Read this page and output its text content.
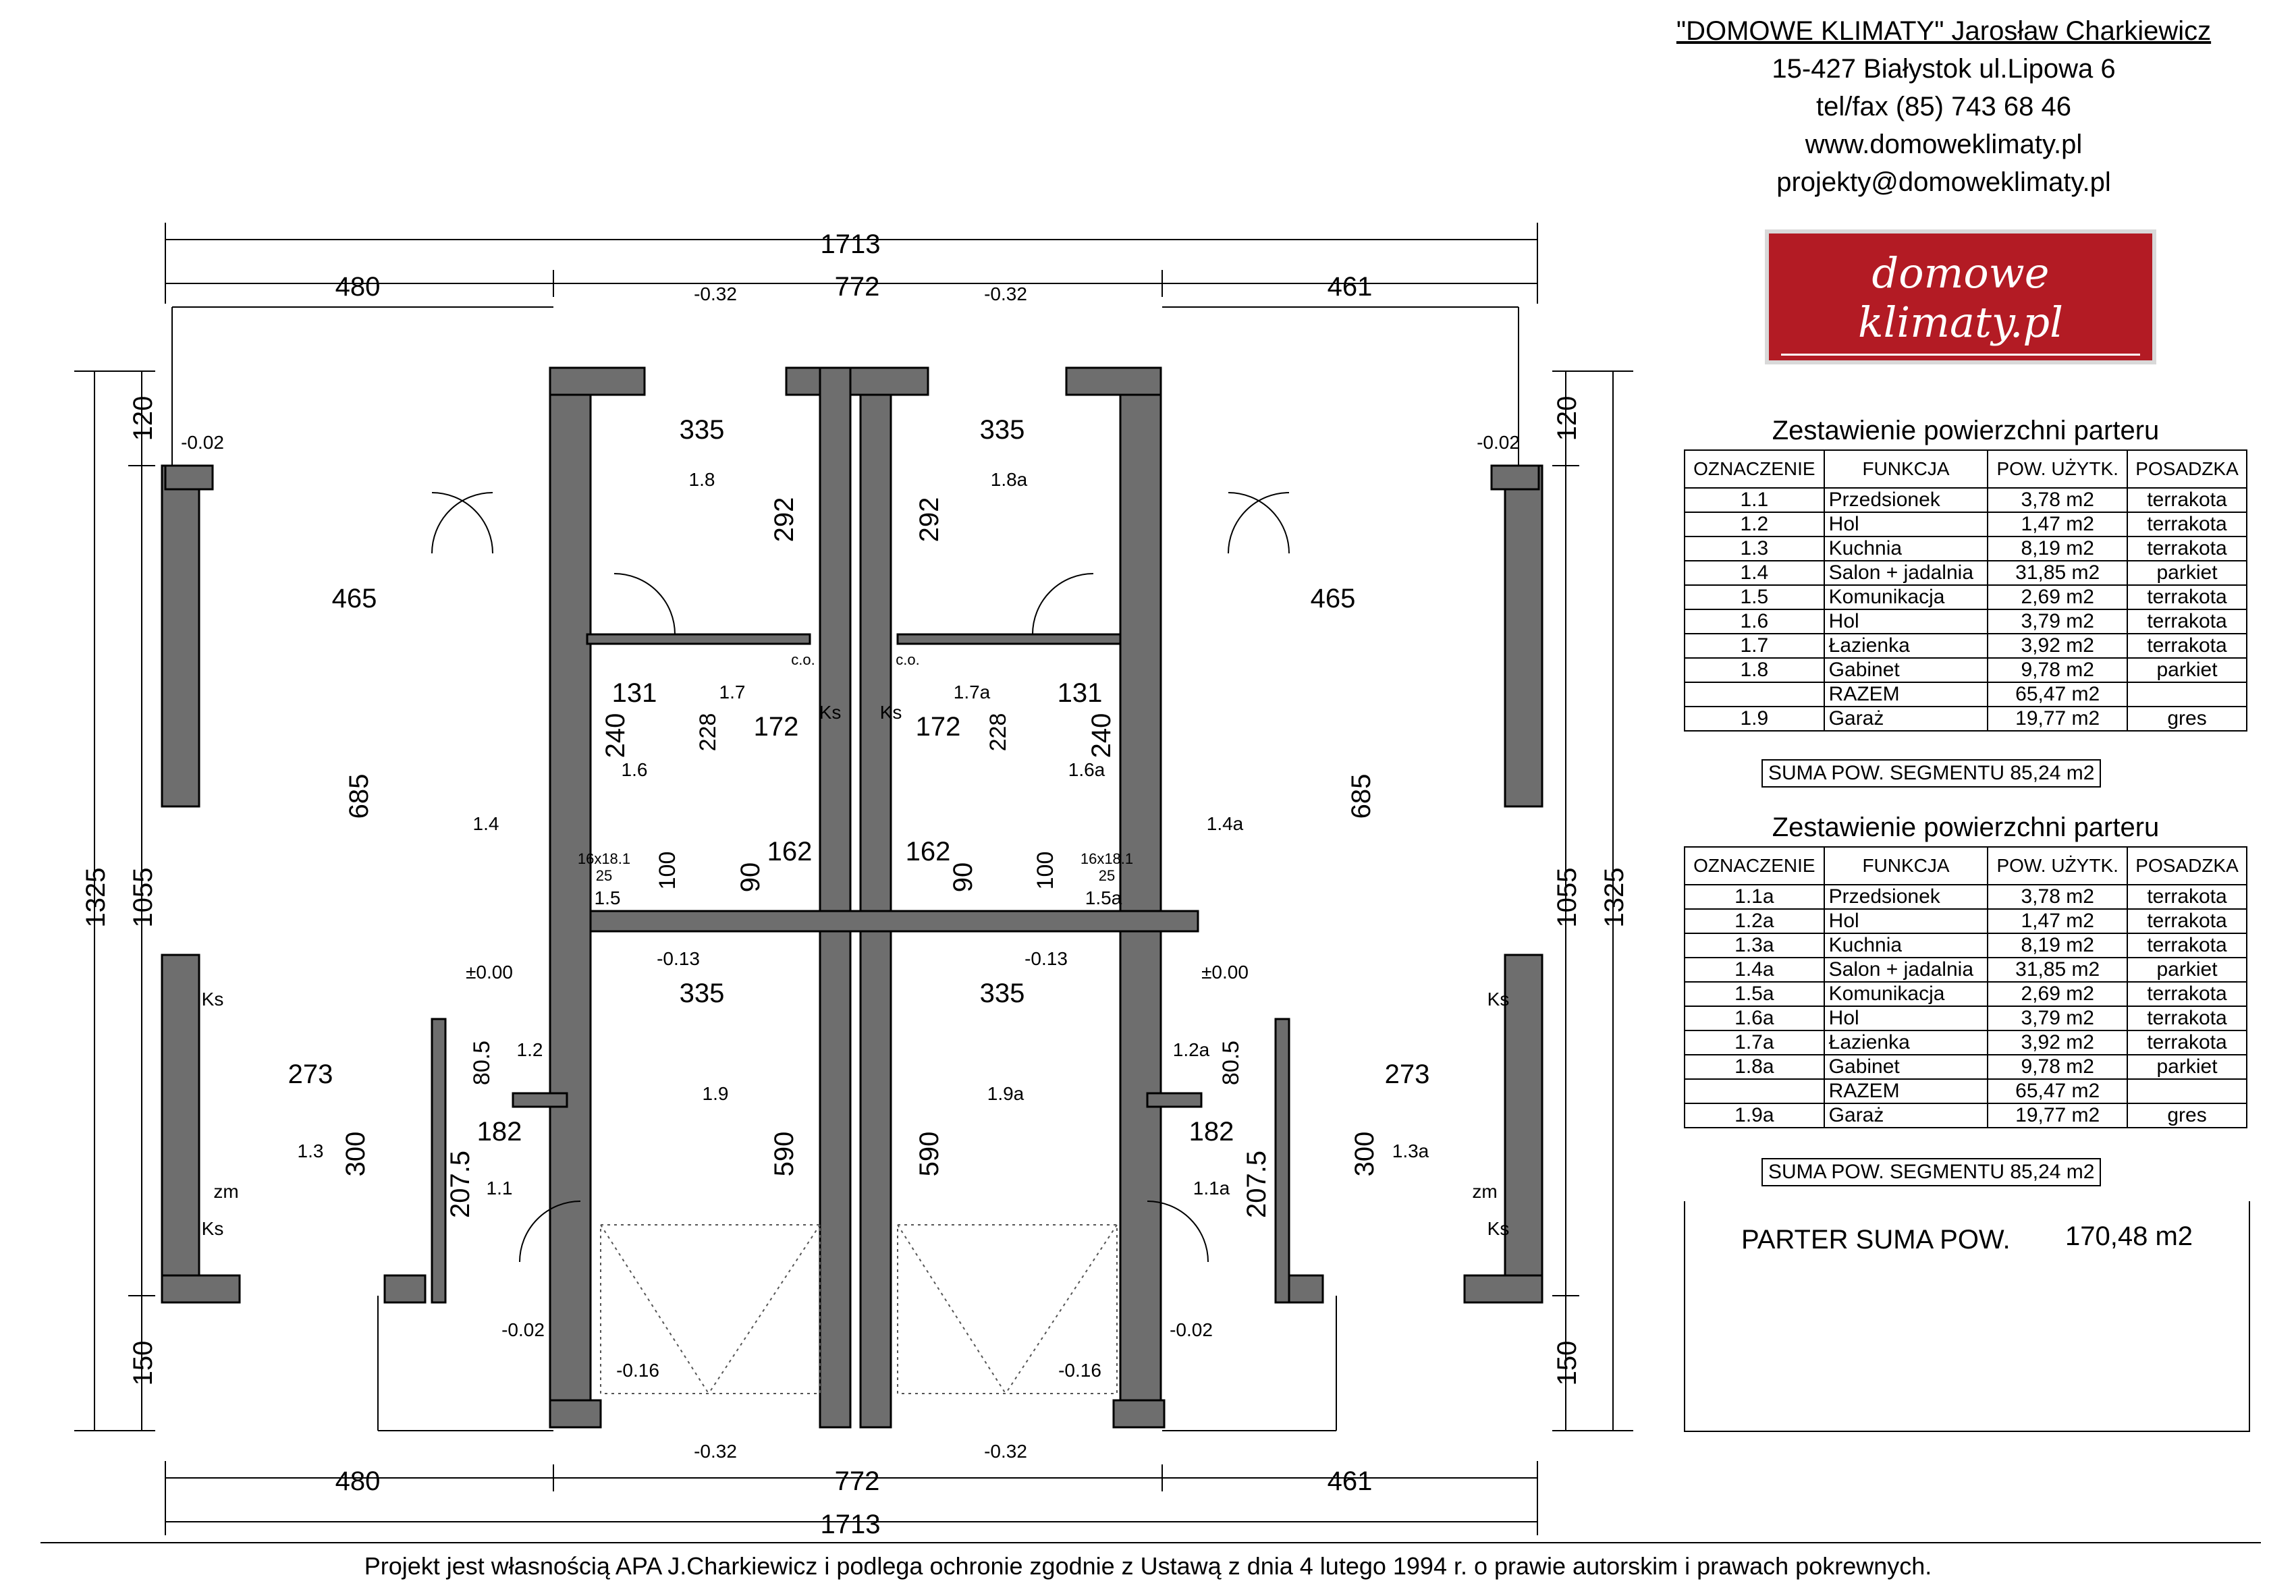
"DOMOWE KLIMATY" Jarosław Charkiewicz
15-427 Białystok ul.Lipowa 6
tel/fax (85) 743 68 46
www.domoweklimaty.pl
projekty@domoweklimaty.pl
domowe klimaty.pl
arch. Jarosław Charkiewicz
Zestawienie powierzchni parteru			
OZNACZENIE	FUNKCJA	POW. UŻYTK.	POSADZKA
1.1	Przedsionek	3,78 m2	terrakota
1.2	Hol	1,47 m2	terrakota
1.3	Kuchnia	8,19 m2	terrakota
1.4	Salon + jadalnia	31,85 m2	parkiet
1.5	Komunikacja	2,69 m2	terrakota
1.6	Hol	3,79 m2	terrakota
1.7	Łazienka	3,92 m2	terrakota
1.8	Gabinet	9,78 m2	parkiet
	RAZEM	65,47 m2	
1.9	Garaż	19,77 m2	gres
SUMA POW. SEGMENTU 85,24 m2
Zestawienie powierzchni parteru			
OZNACZENIE	FUNKCJA	POW. UŻYTK.	POSADZKA
1.1a	Przedsionek	3,78 m2	terrakota
1.2a	Hol	1,47 m2	terrakota
1.3a	Kuchnia	8,19 m2	terrakota
1.4a	Salon + jadalnia	31,85 m2	parkiet
1.5a	Komunikacja	2,69 m2	terrakota
1.6a	Hol	3,79 m2	terrakota
1.7a	Łazienka	3,92 m2	terrakota
1.8a	Gabinet	9,78 m2	parkiet
	RAZEM	65,47 m2	
1.9a	Garaż	19,77 m2	gres
SUMA POW. SEGMENTU 85,24 m2
PARTER SUMA POW. 170,48 m2
1713
480	772	461
480	772	461
1713
1325 1055
120
150
1325
1055
120
150
-0.32	-0.32
-0.32	-0.32
-0.02	-0.02
-0.02	-0.02
±0.00	±0.00
-0.13	-0.13
-0.16	-0.16
1.8	1.8a
1.4	1.4a
1.7	1.7a
1.6	1.6a
1.5	1.5a
1.9	1.9a
1.2	1.2a
1.3	1.3a
1.1	1.1a
335	335
292	292
465	465
685	685
131	131
240	240
228	228
172	172
162	162
90	90
100	100
16x18.1	16x18.1
25	25
335	335
590	590
273	273
300	300
80.5	80.5
182	182
207.5	207.5
Ks
Ks
Ks
Ks
Ks Ks
zm	zm
c.o.	c.o.
Projekt jest własnością APA J.Charkiewicz i podlega ochronie zgodnie z Ustawą z dnia 4 lutego 1994 r. o prawie autorskim i prawach pokrewnych.
